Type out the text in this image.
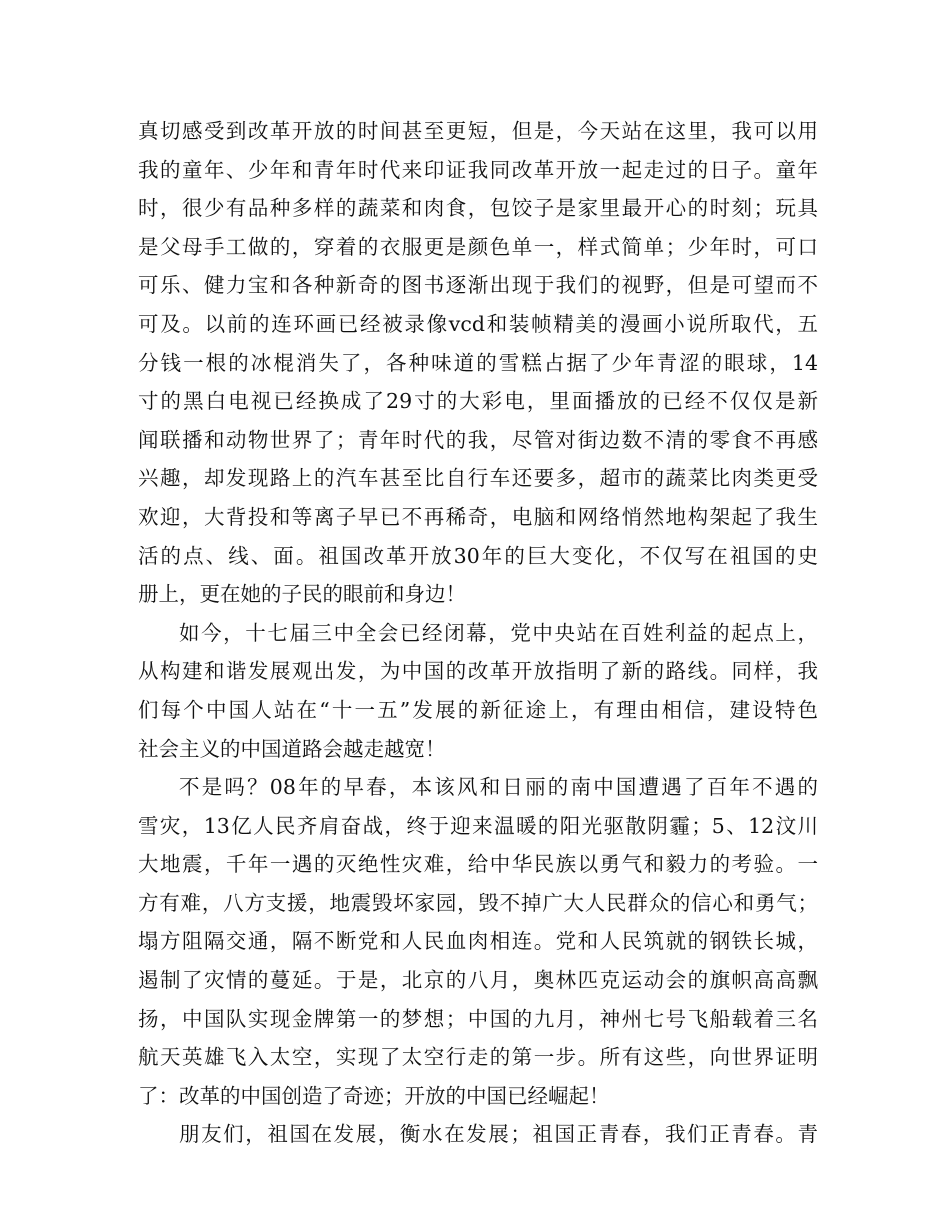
真切感受到改革开放的时间甚至更短，但是，今天站在这里，我可以用
我的童年、少年和青年时代来印证我同改革开放一起走过的日子。童年
时，很少有品种多样的蔬菜和肉食，包饺子是家里最开心的时刻；玩具
是父母手工做的，穿着的衣服更是颜色单一，样式简单；少年时，可口
可乐、健力宝和各种新奇的图书逐渐出现于我们的视野，但是可望而不
可及。以前的连环画已经被录像vcd和装帧精美的漫画小说所取代，五
分钱一根的冰棍消失了，各种味道的雪糕占据了少年青涩的眼球，14
寸的黑白电视已经换成了29寸的大彩电，里面播放的已经不仅仅是新
闻联播和动物世界了；青年时代的我，尽管对街边数不清的零食不再感
兴趣，却发现路上的汽车甚至比自行车还要多，超市的蔬菜比肉类更受
欢迎，大背投和等离子早已不再稀奇，电脑和网络悄然地构架起了我生
活的点、线、面。祖国改革开放30年的巨大变化，不仅写在祖国的史
册上，更在她的子民的眼前和身边！
如今，十七届三中全会已经闭幕，党中央站在百姓利益的起点上，
从构建和谐发展观出发，为中国的改革开放指明了新的路线。同样，我
们每个中国人站在“十一五”发展的新征途上，有理由相信，建设特色
社会主义的中国道路会越走越宽！
不是吗？08年的早春，本该风和日丽的南中国遭遇了百年不遇的
雪灾，13亿人民齐肩奋战，终于迎来温暖的阳光驱散阴霾；5、12汶川
大地震，千年一遇的灭绝性灾难，给中华民族以勇气和毅力的考验。一
方有难，八方支援，地震毁坏家园，毁不掉广大人民群众的信心和勇气；
塌方阻隔交通，隔不断党和人民血肉相连。党和人民筑就的钢铁长城，
遏制了灾情的蔓延。于是，北京的八月，奥林匹克运动会的旗帜高高飘
扬，中国队实现金牌第一的梦想；中国的九月，神州七号飞船载着三名
航天英雄飞入太空，实现了太空行走的第一步。所有这些，向世界证明
了：改革的中国创造了奇迹；开放的中国已经崛起！
朋友们，祖国在发展，衡水在发展；祖国正青春，我们正青春。青
